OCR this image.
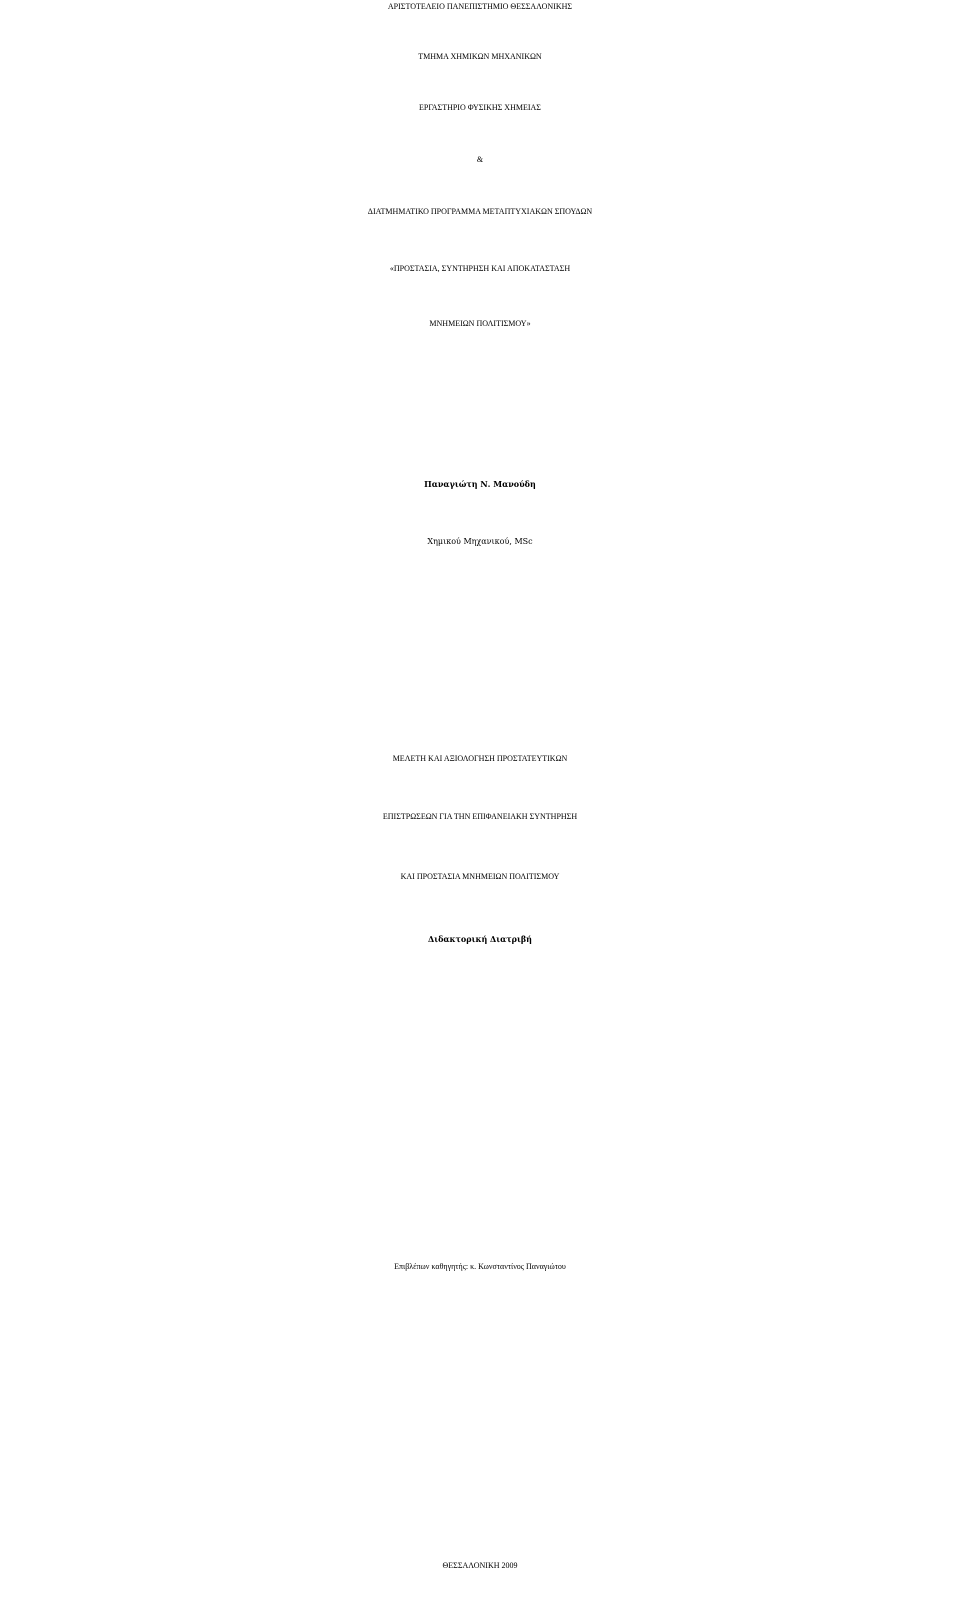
ΑΡΙΣΤΟΤΕΛΕΙΟ ΠΑΝΕΠΙΣΤΗΜΙΟ ΘΕΣΣΑΛΟΝΙΚΗΣ
ΤΜΗΜΑ ΧΗΜΙΚΩΝ ΜΗΧΑΝΙΚΩΝ
ΕΡΓΑΣΤΗΡΙΟ ΦΥΣΙΚΗΣ ΧΗΜΕΙΑΣ
&
ΔΙΑΤΜΗΜΑΤΙΚΟ ΠΡΟΓΡΑΜΜΑ ΜΕΤΑΠΤΥΧΙΑΚΩΝ ΣΠΟΥΔΩΝ
«ΠΡΟΣΤΑΣΙΑ, ΣΥΝΤΗΡΗΣΗ ΚΑΙ ΑΠΟΚΑΤΑΣΤΑΣΗ
ΜΝΗΜΕΙΩΝ ΠΟΛΙΤΙΣΜΟΥ»
Παναγιώτη Ν. Μανούδη
Χημικού Μηχανικού, MSc
ΜΕΛΕΤΗ ΚΑΙ ΑΞΙΟΛΟΓΗΣΗ ΠΡΟΣΤΑΤΕΥΤΙΚΩΝ
ΕΠΙΣΤΡΩΣΕΩΝ ΓΙΑ ΤΗΝ ΕΠΙΦΑΝΕΙΑΚΗ ΣΥΝΤΗΡΗΣΗ
ΚΑΙ ΠΡΟΣΤΑΣΙΑ ΜΝΗΜΕΙΩΝ ΠΟΛΙΤΙΣΜΟΥ
Διδακτορική Διατριβή
Επιβλέπων καθηγητής: κ. Κωνσταντίνος Παναγιώτου
ΘΕΣΣΑΛΟΝΙΚΗ 2009
